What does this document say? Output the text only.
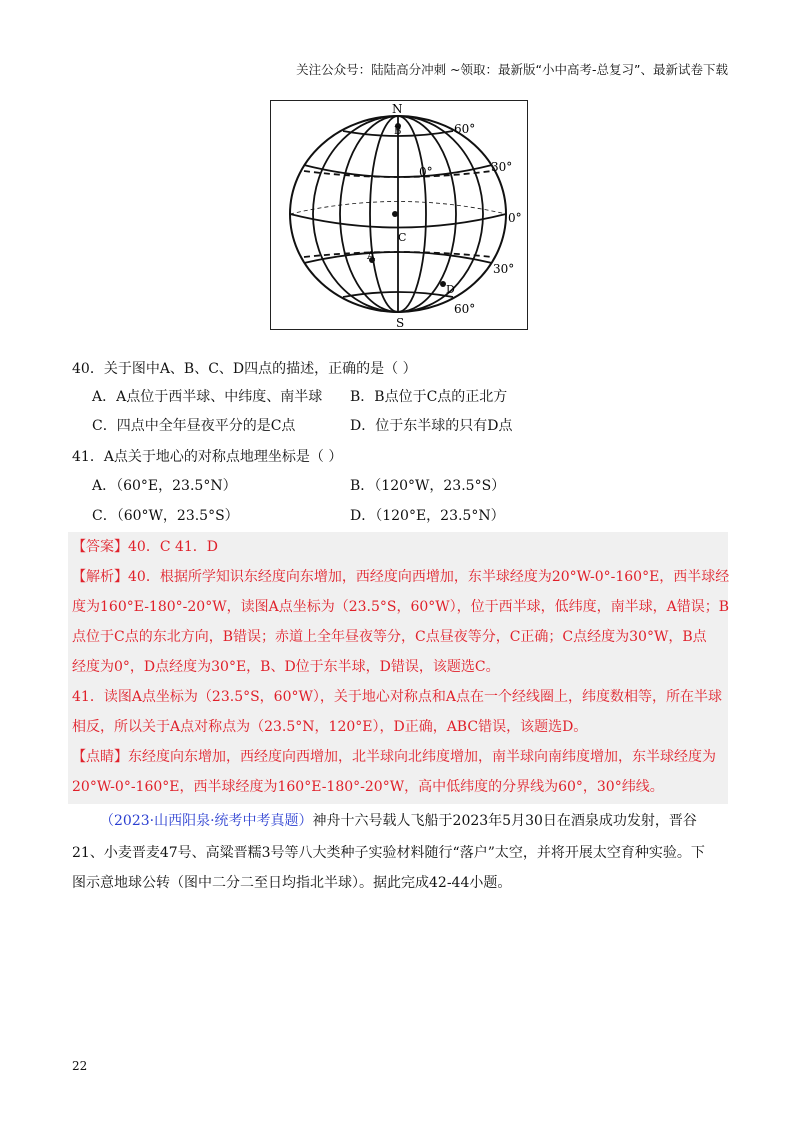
关注公众号：陆陆高分冲刺 ~领取：最新版“小中高考-总复习”、最新试卷下载
N
S
B
C
A
D
60°
30°
0°
30°
60°
0°
40．关于图中A、B、C、D四点的描述，正确的是（ ）
A．A点位于西半球、中纬度、南半球 B．B点位于C点的正北方
C．四点中全年昼夜平分的是C点	D．位于东半球的只有D点
41．A点关于地心的对称点地理坐标是（ ）
A．（60°E，23.5°N）	B．（120°W，23.5°S）
C．（60°W，23.5°S）	D．（120°E，23.5°N）
【答案】40．C 41．D
【解析】40．根据所学知识东经度向东增加，西经度向西增加，东半球经度为20°W-0°-160°E，西半球经
度为160°E-180°-20°W，读图A点坐标为（23.5°S，60°W），位于西半球，低纬度，南半球，A错误；B
点位于C点的东北方向，B错误；赤道上全年昼夜等分，C点昼夜等分，C正确；C点经度为30°W，B点
经度为0°，D点经度为30°E，B、D位于东半球，D错误，该题选C。
41．读图A点坐标为（23.5°S，60°W），关于地心对称点和A点在一个经线圈上，纬度数相等，所在半球
相反，所以关于A点对称点为（23.5°N，120°E），D正确，ABC错误，该题选D。
【点睛】东经度向东增加，西经度向西增加，北半球向北纬度增加，南半球向南纬度增加，东半球经度为
20°W-0°-160°E，西半球经度为160°E-180°-20°W，高中低纬度的分界线为60°，30°纬线。
（2023·山西阳泉·统考中考真题）神舟十六号载人飞船于2023年5月30日在酒泉成功发射，晋谷
21、小麦晋麦47号、高粱晋糯3号等八大类种子实验材料随行“落户”太空，并将开展太空育种实验。下
图示意地球公转（图中二分二至日均指北半球）。据此完成42-44小题。
22
